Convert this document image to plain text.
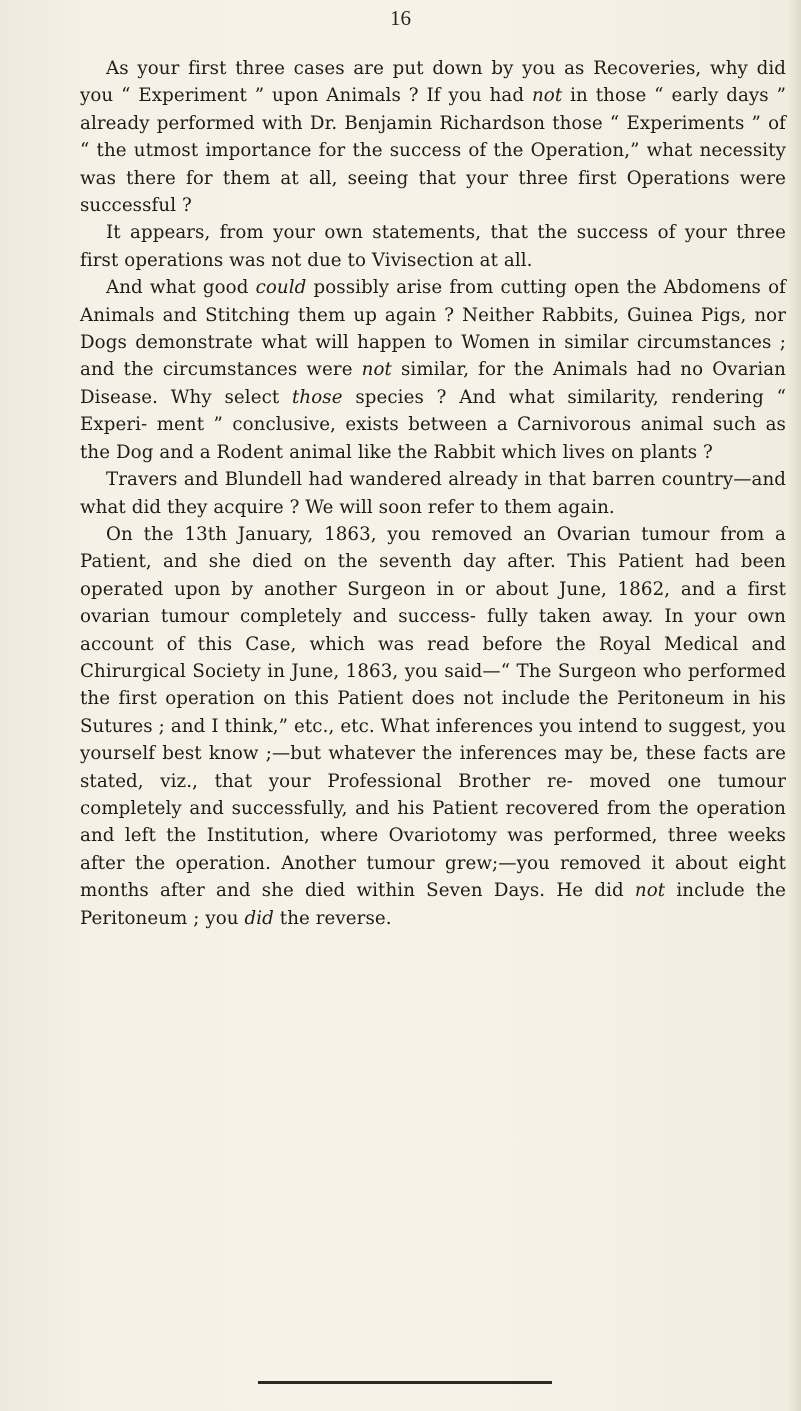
16

As your first three cases are put down by you as Recoveries, why did you “ Experiment ” upon Animals ? If you had not in those “ early days ” already performed with Dr. Benjamin Richardson those “ Experiments ” of “ the utmost importance for the success of the Operation,” what necessity was there for them at all, seeing that your three first Operations were successful ?

It appears, from your own statements, that the success of your three first operations was not due to Vivisection at all.

And what good could possibly arise from cutting open the Abdomens of Animals and Stitching them up again ? Neither Rabbits, Guinea Pigs, nor Dogs demonstrate what will happen to Women in similar circumstances ; and the circumstances were not similar, for the Animals had no Ovarian Disease. Why select those species ? And what similarity, rendering “ Experi- ment ” conclusive, exists between a Carnivorous animal such as the Dog and a Rodent animal like the Rabbit which lives on plants ?

Travers and Blundell had wandered already in that barren country—and what did they acquire ? We will soon refer to them again.

On the 13th January, 1863, you removed an Ovarian tumour from a Patient, and she died on the seventh day after. This Patient had been operated upon by another Surgeon in or about June, 1862, and a first ovarian tumour completely and success- fully taken away. In your own account of this Case, which was read before the Royal Medical and Chirurgical Society in June, 1863, you said—“ The Surgeon who performed the first operation on this Patient does not include the Peritoneum in his Sutures ; and I think,” etc., etc. What inferences you intend to suggest, you yourself best know ;—but whatever the inferences may be, these facts are stated, viz., that your Professional Brother re- moved one tumour completely and successfully, and his Patient recovered from the operation and left the Institution, where Ovariotomy was performed, three weeks after the operation. Another tumour grew;—you removed it about eight months after and she died within Seven Days. He did not include the Peritoneum ; you did the reverse.
